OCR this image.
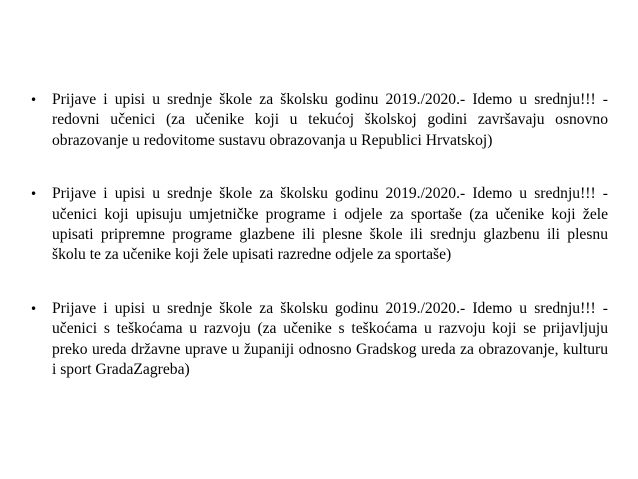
• Prijave i upisi u srednje škole za školsku godinu 2019./2020.- Idemo u srednju!!! - redovni učenici (za učenike koji u tekućoj školskoj godini završavaju osnovno obrazovanje u redovitome sustavu obrazovanja u Republici Hrvatskoj)
• Prijave i upisi u srednje škole za školsku godinu 2019./2020.- Idemo u srednju!!! - učenici koji upisuju umjetničke programe i odjele za sportaše (za učenike koji žele upisati pripremne programe glazbene ili plesne škole ili srednju glazbenu ili plesnu školu te za učenike koji žele upisati razredne odjele za sportaše)
• Prijave i upisi u srednje škole za školsku godinu 2019./2020.- Idemo u srednju!!! - učenici s teškoćama u razvoju (za učenike s teškoćama u razvoju koji se prijavljuju preko ureda državne uprave u županiji odnosno Gradskog ureda za obrazovanje, kulturu i sport GradaZagreba)
